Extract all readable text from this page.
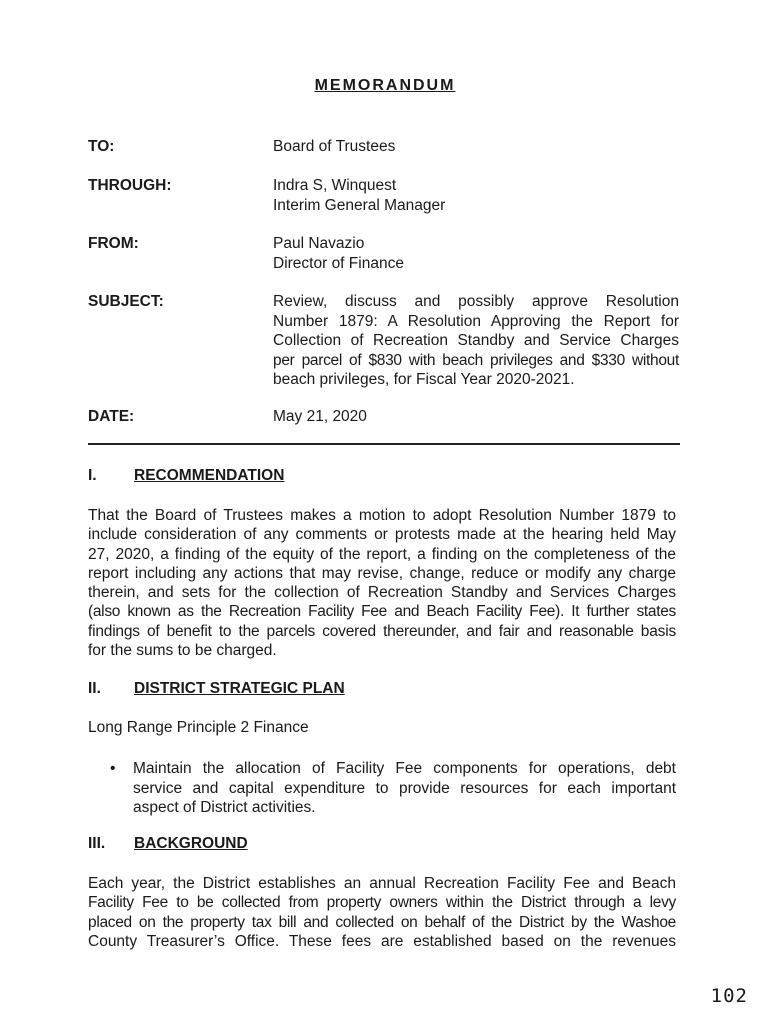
MEMORANDUM
TO:	Board of Trustees
THROUGH:	Indra S, Winquest
Interim General Manager
FROM:	Paul Navazio
Director of Finance
SUBJECT:	Review, discuss and possibly approve Resolution
Number 1879: A Resolution Approving the Report for
Collection of Recreation Standby and Service Charges
per parcel of $830 with beach privileges and $330 without
beach privileges, for Fiscal Year 2020-2021.
DATE:	May 21, 2020
I. RECOMMENDATION
That the Board of Trustees makes a motion to adopt Resolution Number 1879 to
include consideration of any comments or protests made at the hearing held May
27, 2020, a finding of the equity of the report, a finding on the completeness of the
report including any actions that may revise, change, reduce or modify any charge
therein, and sets for the collection of Recreation Standby and Services Charges
(also known as the Recreation Facility Fee and Beach Facility Fee). It further states
findings of benefit to the parcels covered thereunder, and fair and reasonable basis
for the sums to be charged.
II. DISTRICT STRATEGIC PLAN
Long Range Principle 2 Finance
• Maintain the allocation of Facility Fee components for operations, debt
service and capital expenditure to provide resources for each important
aspect of District activities.
III. BACKGROUND
Each year, the District establishes an annual Recreation Facility Fee and Beach
Facility Fee to be collected from property owners within the District through a levy
placed on the property tax bill and collected on behalf of the District by the Washoe
County Treasurer’s Office. These fees are established based on the revenues
102
